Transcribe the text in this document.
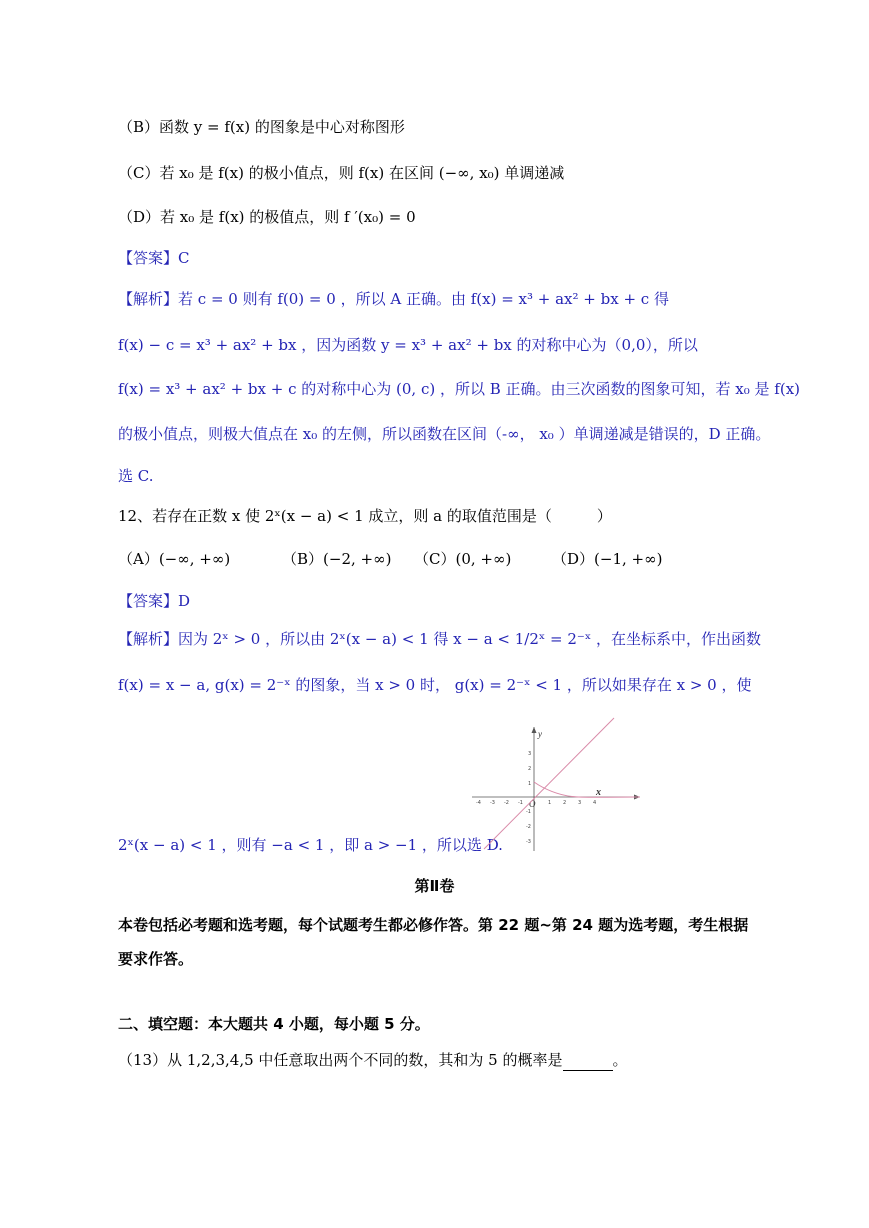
（B）函数 y = f(x) 的图象是中心对称图形
（C）若 x₀ 是 f(x) 的极小值点，则 f(x) 在区间 (−∞, x₀) 单调递减
（D）若 x₀ 是 f(x) 的极值点，则 f ′(x₀) = 0
【答案】C
【解析】若 c = 0 则有 f(0) = 0 ，所以 A 正确。由 f(x) = x³ + ax² + bx + c 得
f(x) − c = x³ + ax² + bx ，因为函数 y = x³ + ax² + bx 的对称中心为（0,0），所以
f(x) = x³ + ax² + bx + c 的对称中心为 (0, c) ，所以 B 正确。由三次函数的图象可知，若 x₀ 是 f(x)
的极小值点，则极大值点在 x₀ 的左侧，所以函数在区间（-∞， x₀ ）单调递减是错误的，D 正确。
选 C.
12、若存在正数 x 使 2ˣ(x − a) < 1 成立，则 a 的取值范围是（　　　）
（A）(−∞, +∞)	（B）(−2, +∞) （C）(0, +∞)	（D）(−1, +∞)
【答案】D
【解析】因为 2ˣ > 0 ，所以由 2ˣ(x − a) < 1 得 x − a < 1/2ˣ = 2⁻ˣ ，在坐标系中，作出函数
f(x) = x − a, g(x) = 2⁻ˣ 的图象，当 x > 0 时， g(x) = 2⁻ˣ < 1 ，所以如果存在 x > 0 ，使
2ˣ(x − a) < 1 ，则有 −a < 1 ，即 a > −1 ，所以选 D.
-4 -3 -2 -1	1 2 3 4
3
2
1
-1
-2
-3
y
x
O
第Ⅱ卷
本卷包括必考题和选考题，每个试题考生都必修作答。第 22 题~第 24 题为选考题，考生根据要求作答。
二、填空题：本大题共 4 小题，每小题 5 分。
（13）从 1,2,3,4,5 中任意取出两个不同的数，其和为 5 的概率是	。
